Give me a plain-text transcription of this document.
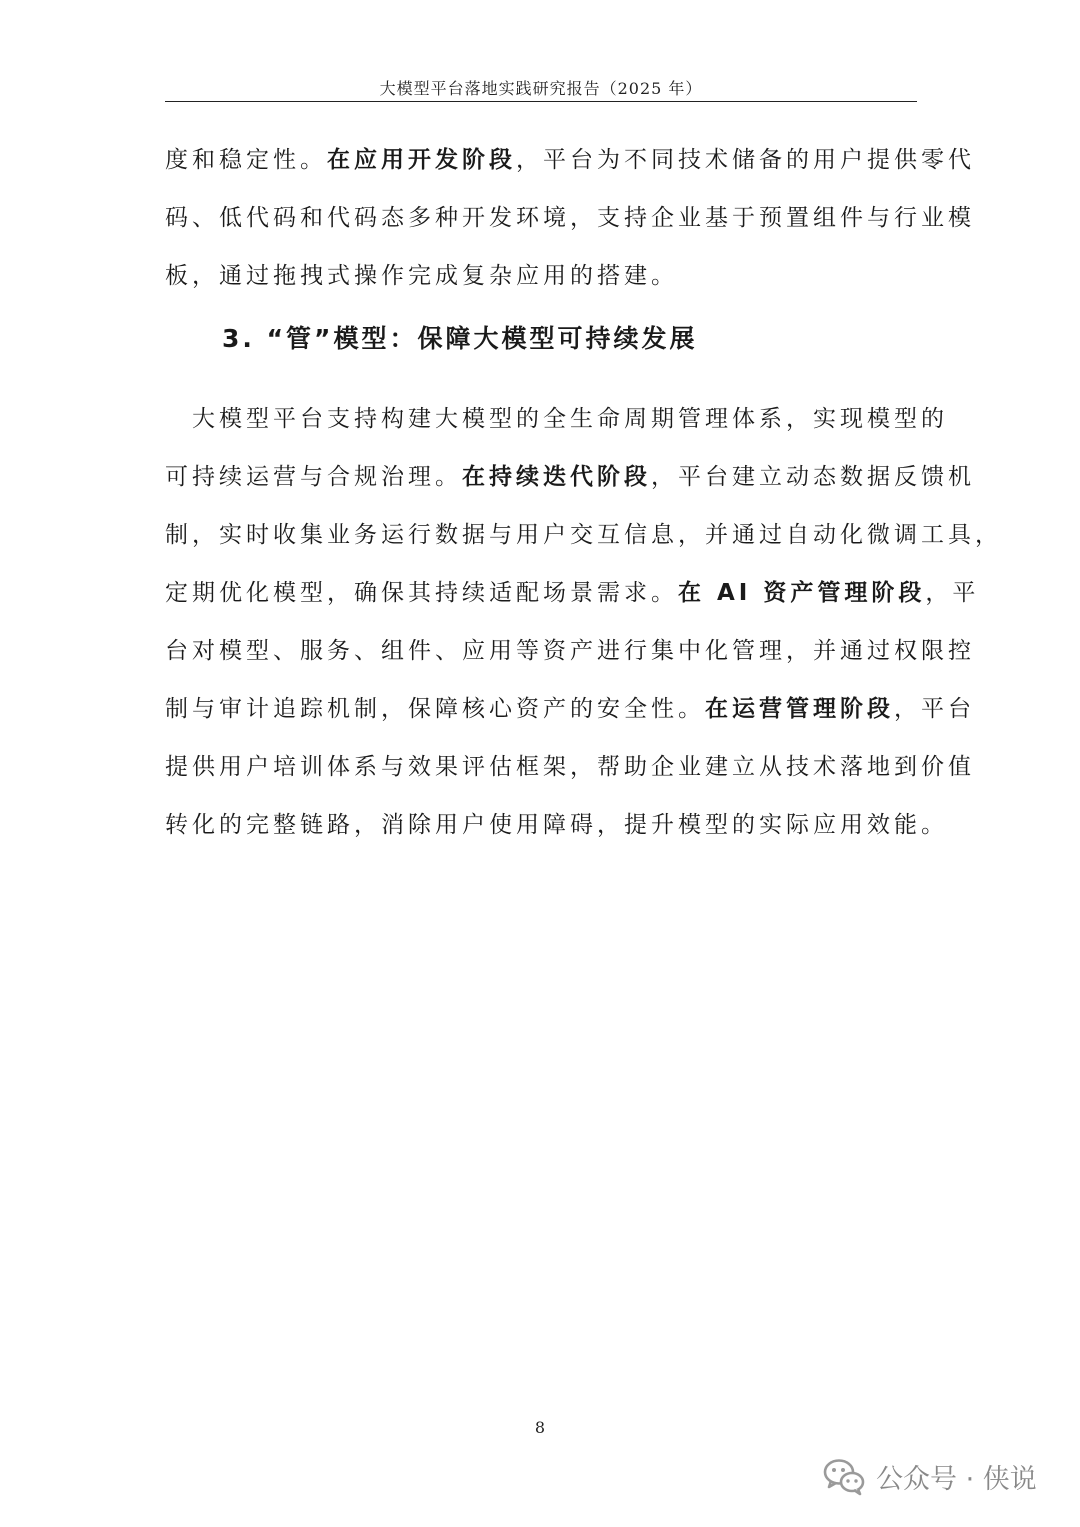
大模型平台落地实践研究报告（2025 年）
度和稳定性。在应用开发阶段，平台为不同技术储备的用户提供零代
码、低代码和代码态多种开发环境，支持企业基于预置组件与行业模
板，通过拖拽式操作完成复杂应用的搭建。
3. “管”模型：保障大模型可持续发展
　大模型平台支持构建大模型的全生命周期管理体系，实现模型的
可持续运营与合规治理。在持续迭代阶段，平台建立动态数据反馈机
制，实时收集业务运行数据与用户交互信息，并通过自动化微调工具，
定期优化模型，确保其持续适配场景需求。在 AI 资产管理阶段，平
台对模型、服务、组件、应用等资产进行集中化管理，并通过权限控
制与审计追踪机制，保障核心资产的安全性。在运营管理阶段，平台
提供用户培训体系与效果评估框架，帮助企业建立从技术落地到价值
转化的完整链路，消除用户使用障碍，提升模型的实际应用效能。
8
公众号 · 侠说
